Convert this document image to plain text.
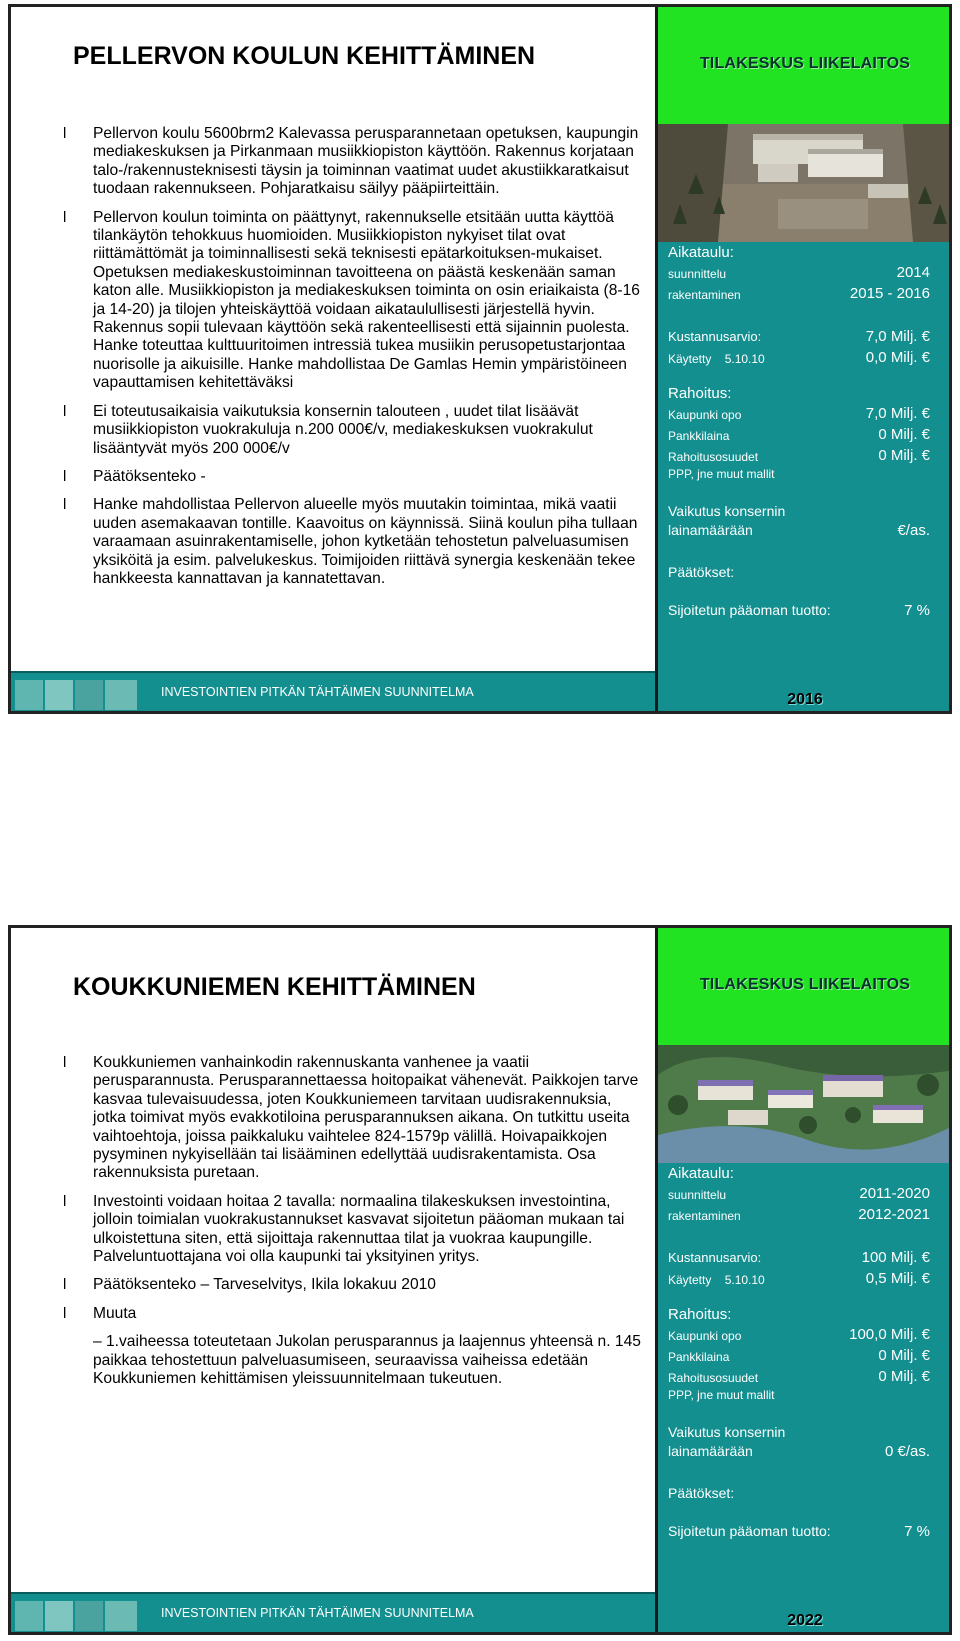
PELLERVON KOULUN KEHITTÄMINEN
l Pellervon koulu 5600brm2 Kalevassa perusparannetaan opetuksen, kaupungin mediakeskuksen ja Pirkanmaan musiikkiopiston käyttöön. Rakennus korjataan talo-/rakennusteknisesti täysin ja toiminnan vaatimat uudet akustiikkaratkaisut tuodaan rakennukseen. Pohjaratkaisu säilyy pääpiirteittäin.
l Pellervon koulun toiminta on päättynyt, rakennukselle etsitään uutta käyttöä tilankäytön tehokkuus huomioiden. Musiikkiopiston nykyiset tilat ovat riittämättömät ja toiminnallisesti sekä teknisesti epätarkoituksen-mukaiset. Opetuksen mediakeskustoiminnan tavoitteena on päästä keskenään saman katon alle. Musiikkiopiston ja mediakeskuksen toiminta on osin eriaikaista (8-16 ja 14-20) ja tilojen yhteiskäyttöä voidaan aikataulullisesti järjestellä hyvin. Rakennus sopii tulevaan käyttöön sekä rakenteellisesti että sijainnin puolesta. Hanke toteuttaa kulttuuritoimen intressiä tukea musiikin perusopetustarjontaa nuorisolle ja aikuisille. Hanke mahdollistaa De Gamlas Hemin ympäristöineen vapauttamisen kehitettäväksi
l Ei toteutusaikaisia vaikutuksia konsernin talouteen , uudet tilat lisäävät musiikkiopiston vuokrakuluja n.200 000€/v, mediakeskuksen vuokrakulut lisääntyvät myös 200 000€/v
l Päätöksenteko -
l Hanke mahdollistaa Pellervon alueelle myös muutakin toimintaa, mikä vaatii uuden asemakaavan tontille. Kaavoitus on käynnissä. Siinä koulun piha tullaan varaamaan asuinrakentamiselle, johon kytketään tehostetun palveluasumisen yksiköitä ja esim. palvelukeskus. Toimijoiden riittävä synergia keskenään tekee hankkeesta kannattavan ja kannatettavan.
TILAKESKUS LIIKELAITOS
Aikataulu:
suunnittelu	2014
rakentaminen	2015 - 2016
Kustannusarvio:	7,0 Milj. €
Käytetty    5.10.10	0,0 Milj. €
Rahoitus:
Kaupunki opo	7,0 Milj. €
Pankkilaina	0 Milj. €
Rahoitusosuudet	0 Milj. €
PPP, jne muut mallit
Vaikutus konsernin
lainamäärään	€/as.
Päätökset:
Sijoitetun pääoman tuotto:	7 %
INVESTOINTIEN PITKÄN TÄHTÄIMEN SUUNNITELMA	2016
KOUKKUNIEMEN KEHITTÄMINEN
l Koukkuniemen vanhainkodin rakennuskanta vanhenee ja vaatii perusparannusta. Perusparannettaessa hoitopaikat vähenevät. Paikkojen tarve kasvaa tulevaisuudessa, joten Koukkuniemeen tarvitaan uudisrakennuksia, jotka toimivat myös evakkotiloina perusparannuksen aikana. On tutkittu useita vaihtoehtoja, joissa paikkaluku vaihtelee 824-1579p välillä. Hoivapaikkojen pysyminen nykyisellään tai lisääminen edellyttää uudisrakentamista. Osa rakennuksista puretaan.
l Investointi voidaan hoitaa 2 tavalla: normaalina tilakeskuksen investointina, jolloin toimialan vuokrakustannukset kasvavat sijoitetun pääoman mukaan tai ulkoistettuna siten, että sijoittaja rakennuttaa tilat ja vuokraa kaupungille. Palveluntuottajana voi olla kaupunki tai yksityinen yritys.
l Päätöksenteko – Tarveselvitys, Ikila lokakuu 2010
l Muuta
– 1.vaiheessa toteutetaan Jukolan perusparannus ja laajennus yhteensä n. 145 paikkaa tehostettuun palveluasumiseen, seuraavissa vaiheissa edetään Koukkuniemen kehittämisen yleissuunnitelmaan tukeutuen.
TILAKESKUS LIIKELAITOS
Aikataulu:
suunnittelu	2011-2020
rakentaminen	2012-2021
Kustannusarvio:	100 Milj. €
Käytetty    5.10.10	0,5 Milj. €
Rahoitus:
Kaupunki opo	100,0 Milj. €
Pankkilaina	0 Milj. €
Rahoitusosuudet	0 Milj. €
PPP, jne muut mallit
Vaikutus konsernin
lainamäärään	0 €/as.
Päätökset:
Sijoitetun pääoman tuotto:	7 %
INVESTOINTIEN PITKÄN TÄHTÄIMEN SUUNNITELMA	2022
